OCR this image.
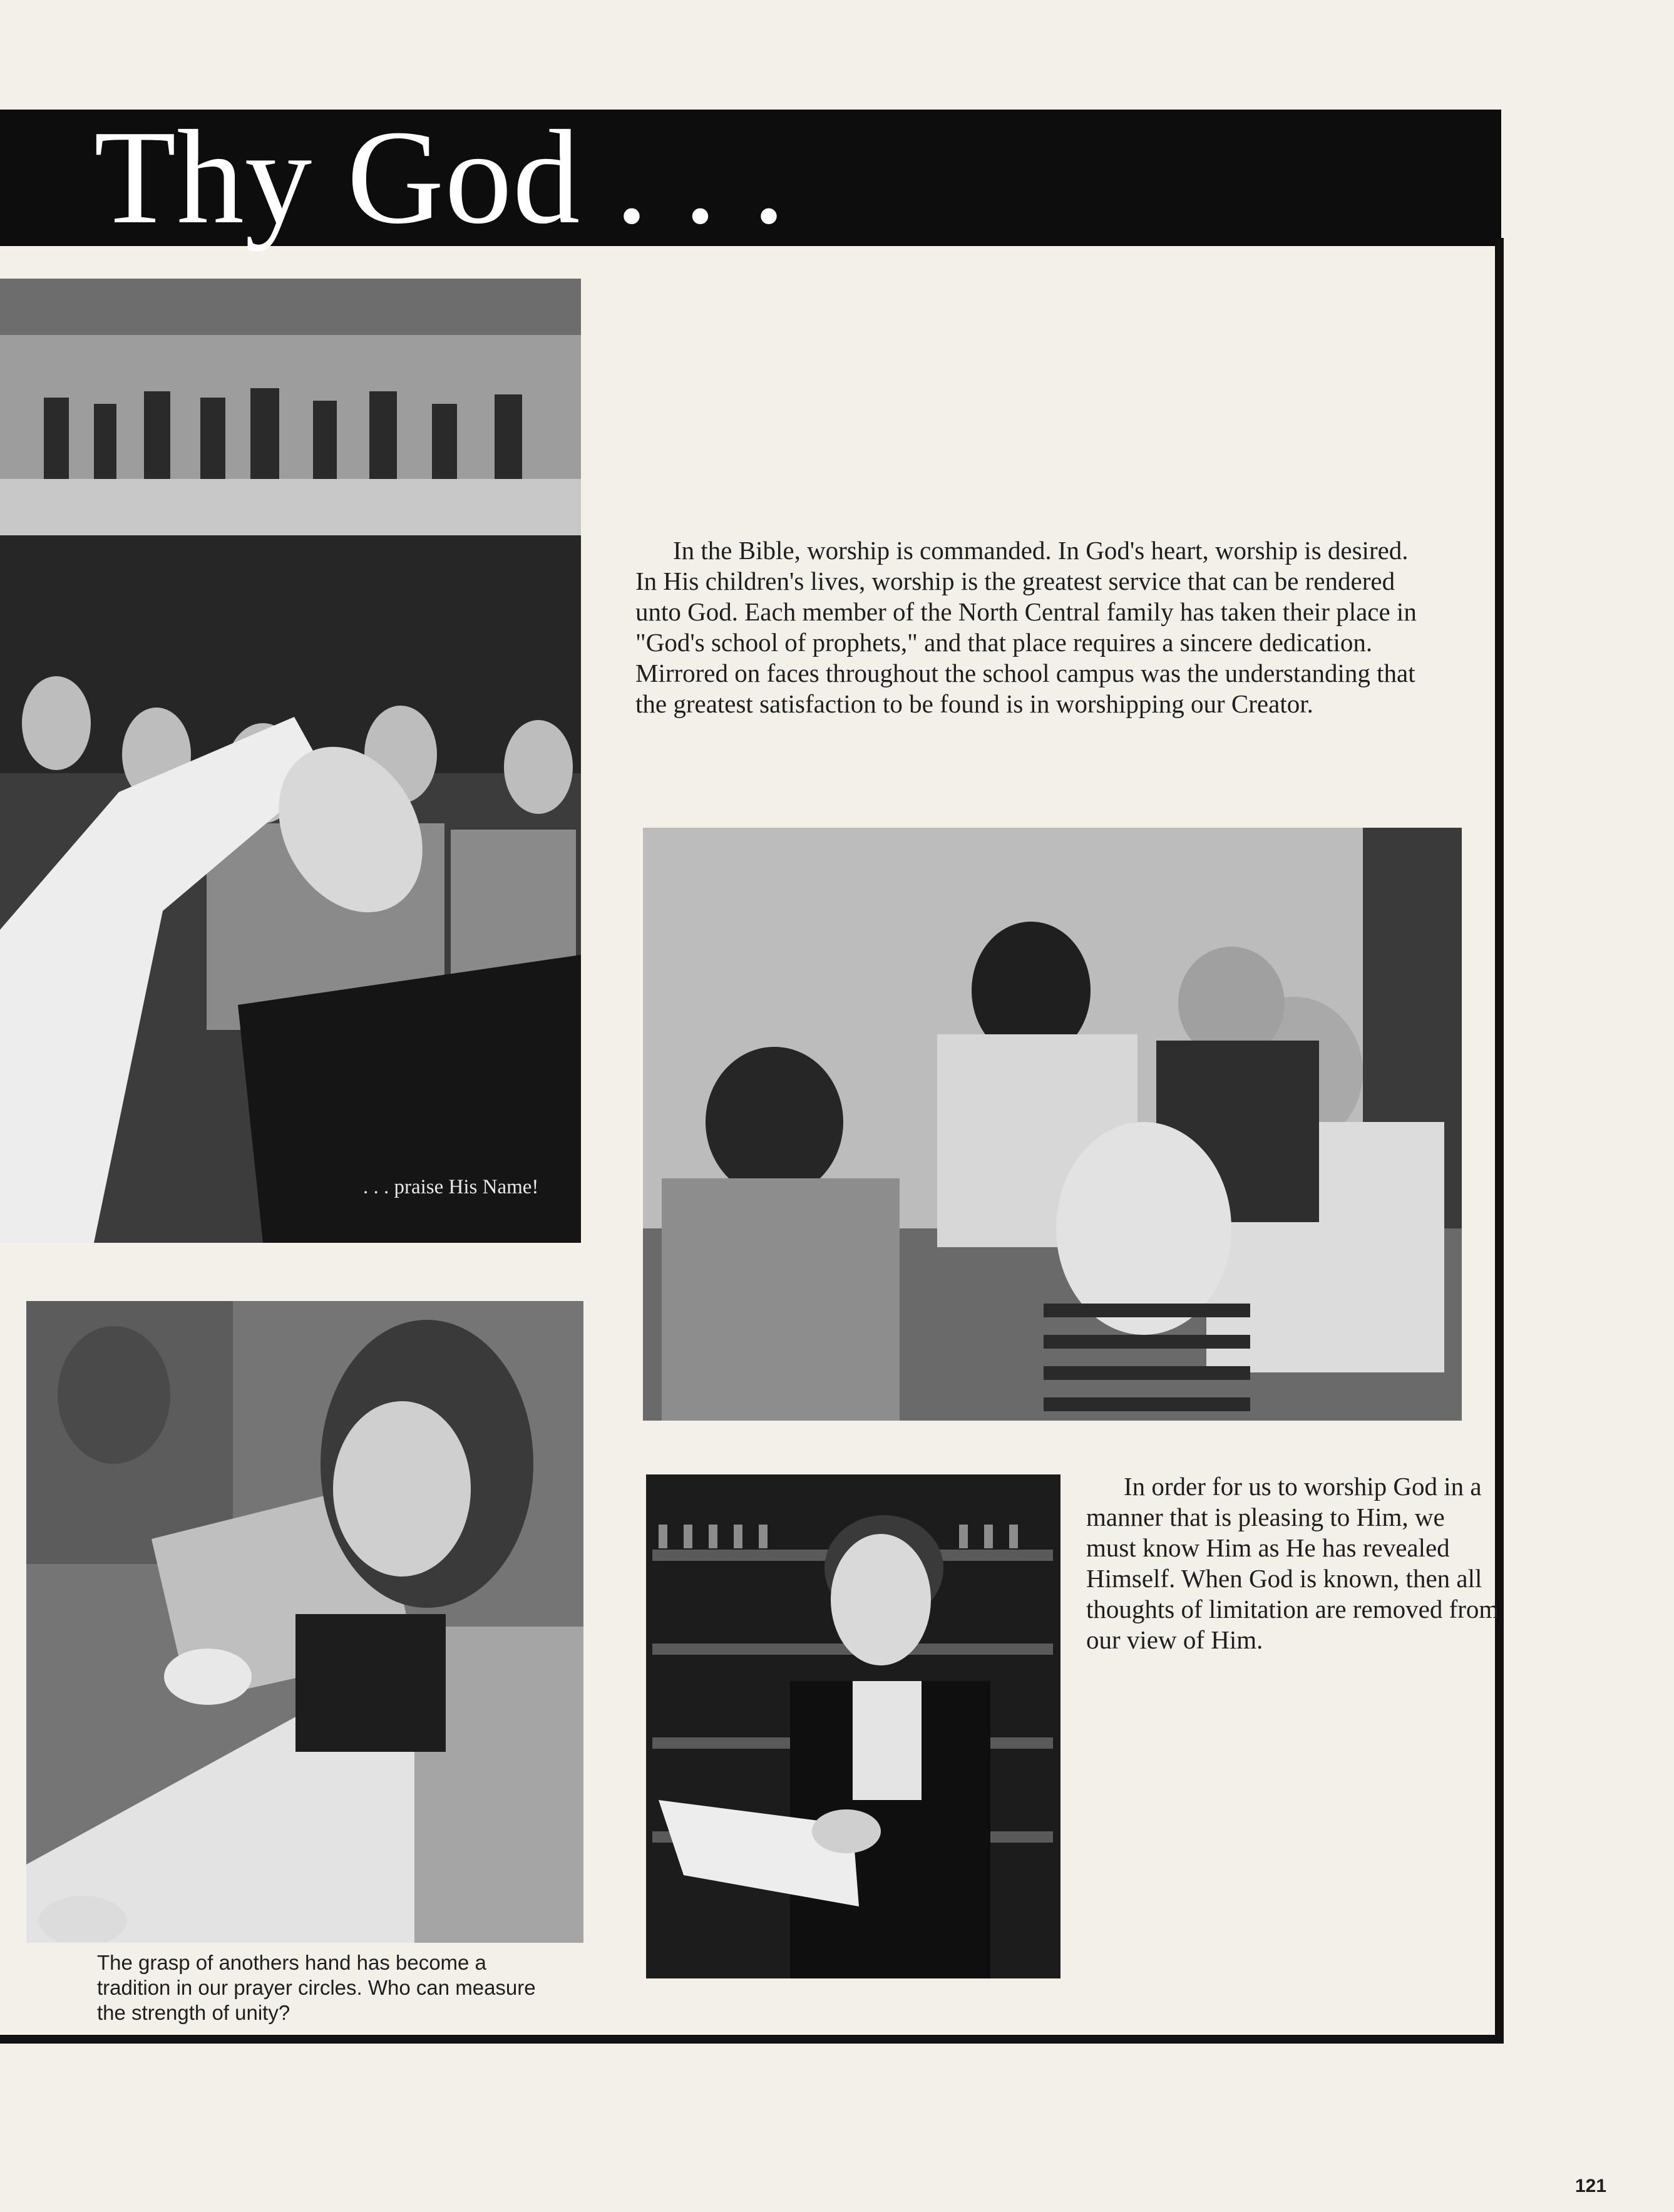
Thy God . . .
. . . praise His Name!

In the Bible, worship is commanded. In God's heart, worship is desired. In His children's lives, worship is the greatest service that can be rendered unto God. Each member of the North Central family has taken their place in "God's school of prophets," and that place requires a sincere dedication. Mirrored on faces throughout the school campus was the understanding that the greatest satisfaction to be found is in worshipping our Creator.

The grasp of anothers hand has become a tradition in our prayer circles. Who can measure the strength of unity?

In order for us to worship God in a manner that is pleasing to Him, we must know Him as He has revealed Himself. When God is known, then all thoughts of limitation are removed from our view of Him.

121
